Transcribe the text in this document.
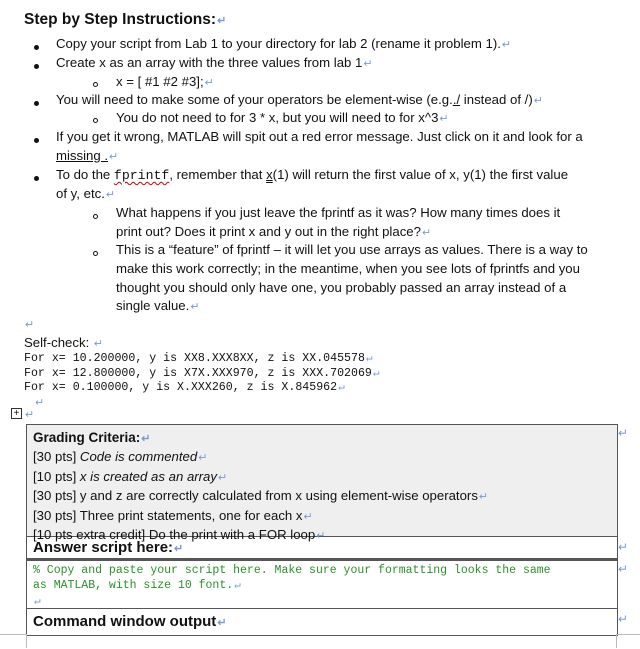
Step by Step Instructions:↵
Copy your script from Lab 1 to your directory for lab 2 (rename it problem 1).↵
Create x as an array with the three values from lab 1↵
x = [ #1 #2 #3];↵
You will need to make some of your operators be element-wise (e.g../ instead of /)↵
You do not need to for 3 * x, but you will need to for x^3↵
If you get it wrong, MATLAB will spit out a red error message. Just click on it and look for a
missing .↵
To do the fprintf, remember that x(1) will return the first value of x, y(1) the first value
of y, etc.↵
What happens if you just leave the fprintf as it was? How many times does it
print out? Does it print x and y out in the right place?↵
This is a “feature” of fprintf – it will let you use arrays as values. There is a way to
make this work correctly; in the meantime, when you see lots of fprintfs and you
thought you should only have one, you probably passed an array instead of a
single value.↵
↵
Self-check: ↵
For x= 10.200000, y is XX8.XXX8XX, z is XX.045578↵
For x= 12.800000, y is X7X.XXX970, z is XXX.702069↵
For x= 0.100000, y is X.XXX260, z is X.845962↵
↵
+ ↵
Grading Criteria:↵
[30 pts] Code is commented↵
[10 pts] x is created as an array↵
[30 pts] y and z are correctly calculated from x using element-wise operators↵
[30 pts] Three print statements, one for each x↵
[10 pts extra credit] Do the print with a FOR loop↵
Answer script here:↵
% Copy and paste your script here. Make sure your formatting looks the same
as MATLAB, with size 10 font.↵
↵
Command window output↵
↵
↵
↵
↵
